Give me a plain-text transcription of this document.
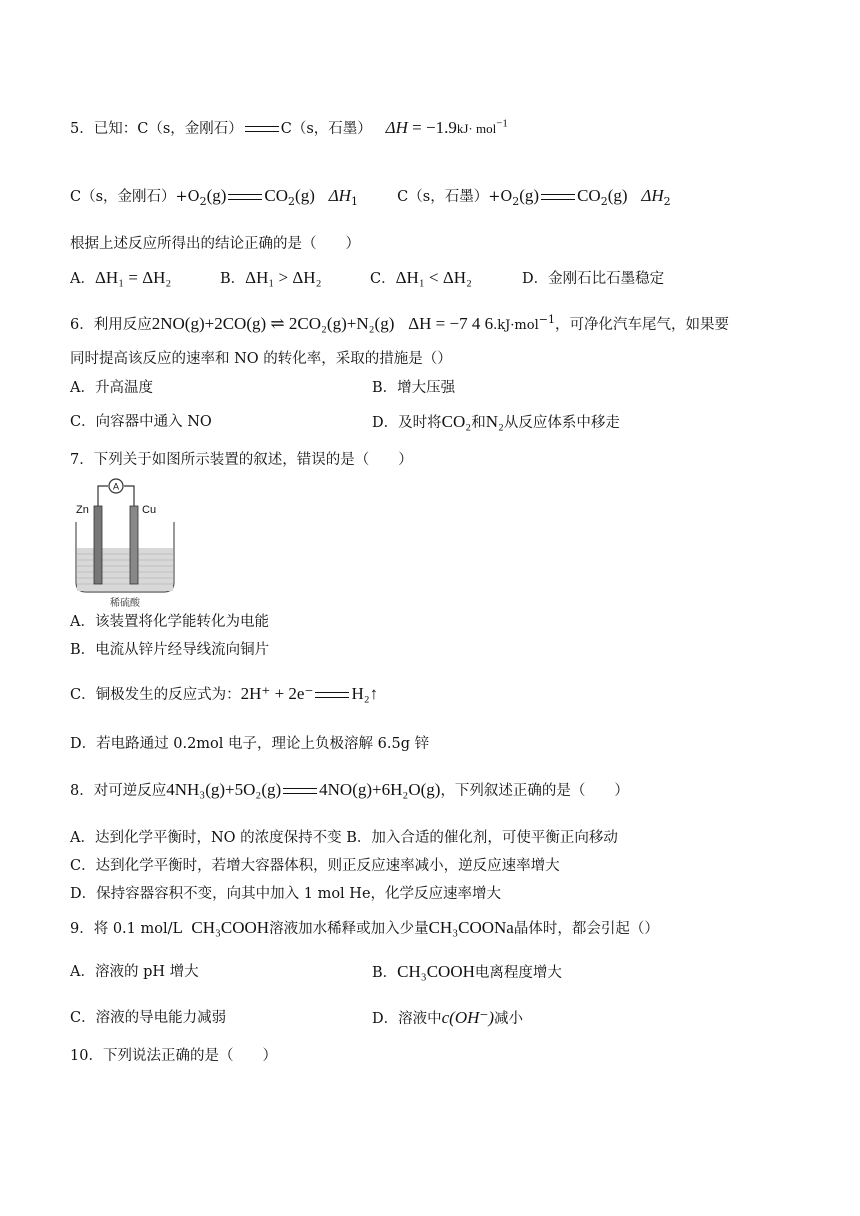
5．已知：C（s，金刚石）	C（s，石墨） ΔH = −1.9kJ· mol$^{-1}$
C（s，金刚石）$+O_2(g)$ $CO_2(g)$ $\Delta H_1$	C（s，石墨）$+O_2(g)$ $CO_2(g)$ $\Delta H_2$
根据上述反应所得出的结论正确的是（　　）
A．ΔH₁ = ΔH₂	B．ΔH₁ > ΔH₂	C．ΔH₁ < ΔH₂	D．金刚石比石墨稳定
6．利用反应2NO(g)+2CO(g) ⇌ 2CO₂(g)+N₂(g) ΔH = −7 4 6.kJ·mol$^{-1}$，可净化汽车尾气，如果要
同时提高该反应的速率和 NO 的转化率，采取的措施是（）
A．升高温度	B．增大压强
C．向容器中通入 NO	D．及时将CO₂和N₂从反应体系中移走
7．下列关于如图所示装置的叙述，错误的是（　　）
A
Zn	Cu
稀硫酸
A．该装置将化学能转化为电能
B．电流从锌片经导线流向铜片
C．铜极发生的反应式为：2H⁺ + 2e⁻ H₂↑
D．若电路通过 0.2mol 电子，理论上负极溶解 6.5g 锌
8．对可逆反应4NH₃(g)+5O₂(g) 4NO(g)+6H₂O(g)，下列叙述正确的是（　　）
A．达到化学平衡时，NO 的浓度保持不变 B．加入合适的催化剂，可使平衡正向移动
C．达到化学平衡时，若增大容器体积，则正反应速率减小，逆反应速率增大
D．保持容器容积不变，向其中加入 1 mol He，化学反应速率增大
9．将 0.1 mol/L CH₃COOH溶液加水稀释或加入少量CH₃COONa晶体时，都会引起（）
A．溶液的 pH 增大	B．CH₃COOH电离程度增大
C．溶液的导电能力减弱	D．溶液中c(OH⁻)减小
10．下列说法正确的是（　　）
